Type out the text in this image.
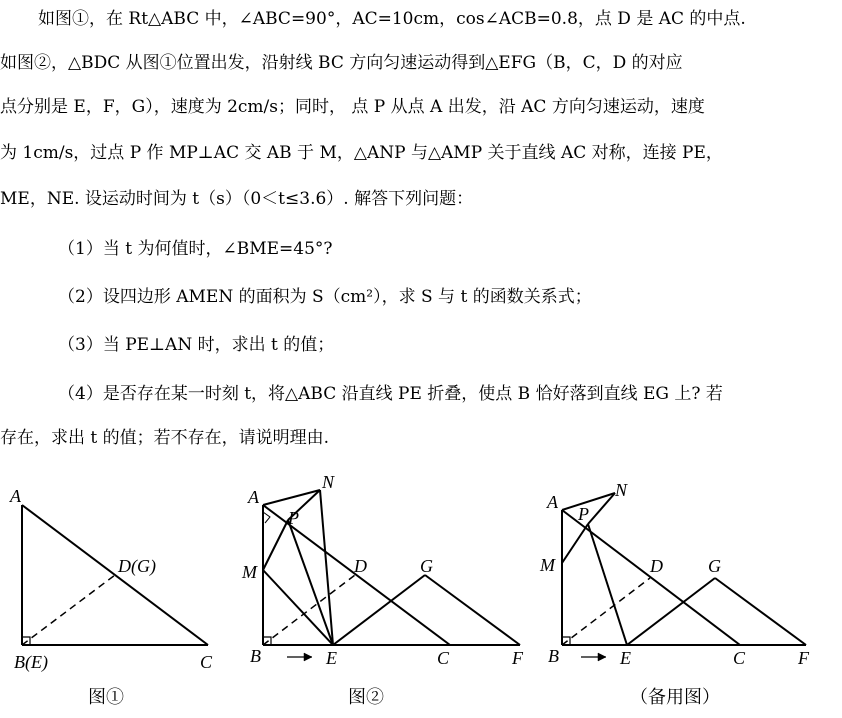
如图①，在 Rt△ABC 中，∠ABC=90°，AC=10cm，cos∠ACB=0.8，点 D 是 AC 的中点.
如图②，△BDC 从图①位置出发，沿射线 BC 方向匀速运动得到△EFG（B，C，D 的对应
点分别是 E，F，G），速度为 2cm/s；同时， 点 P 从点 A 出发，沿 AC 方向匀速运动，速度
为 1cm/s，过点 P 作 MP⊥AC 交 AB 于 M，△ANP 与△AMP 关于直线 AC 对称，连接 PE，
ME，NE. 设运动时间为 t（s）（0＜t≤3.6）. 解答下列问题：
（1）当 t 为何值时，∠BME=45°?
（2）设四边形 AMEN 的面积为 S（cm²），求 S 与 t 的函数关系式；
（3）当 PE⊥AN 时，求出 t 的值；
（4）是否存在某一时刻 t，将△ABC 沿直线 PE 折叠，使点 B 恰好落到直线 EG 上? 若
存在，求出 t 的值；若不存在，请说明理由.
A
B(E)	C
D(G)
A
N
P
M	D	G
B	E	C	F
A
N
P
M	D	G
B	E	C	F
图①	图②	（备用图）
